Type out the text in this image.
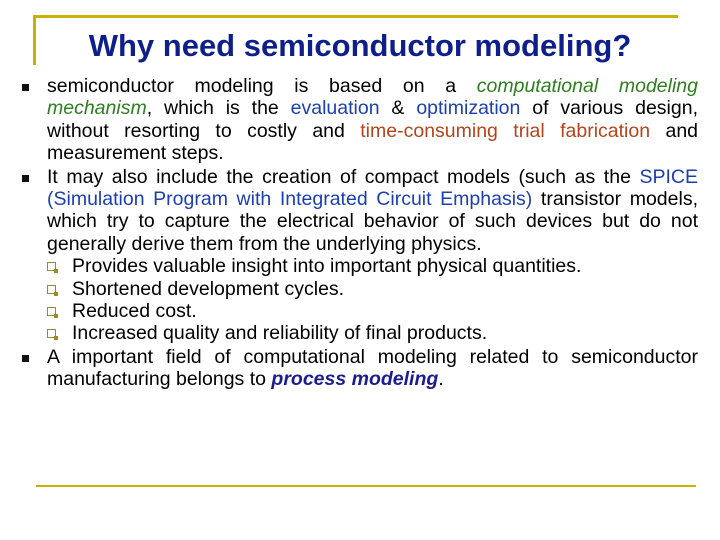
Why need semiconductor modeling?

semiconductor modeling is based on a computational modeling mechanism, which is the evaluation & optimization of various design, without resorting to costly and time-consuming trial fabrication and measurement steps.

It may also include the creation of compact models (such as the SPICE (Simulation Program with Integrated Circuit Emphasis) transistor models, which try to capture the electrical behavior of such devices but do not generally derive them from the underlying physics.

Provides valuable insight into important physical quantities.
Shortened development cycles.
Reduced cost.
Increased quality and reliability of final products.

A important field of computational modeling related to semiconductor manufacturing belongs to process modeling.
